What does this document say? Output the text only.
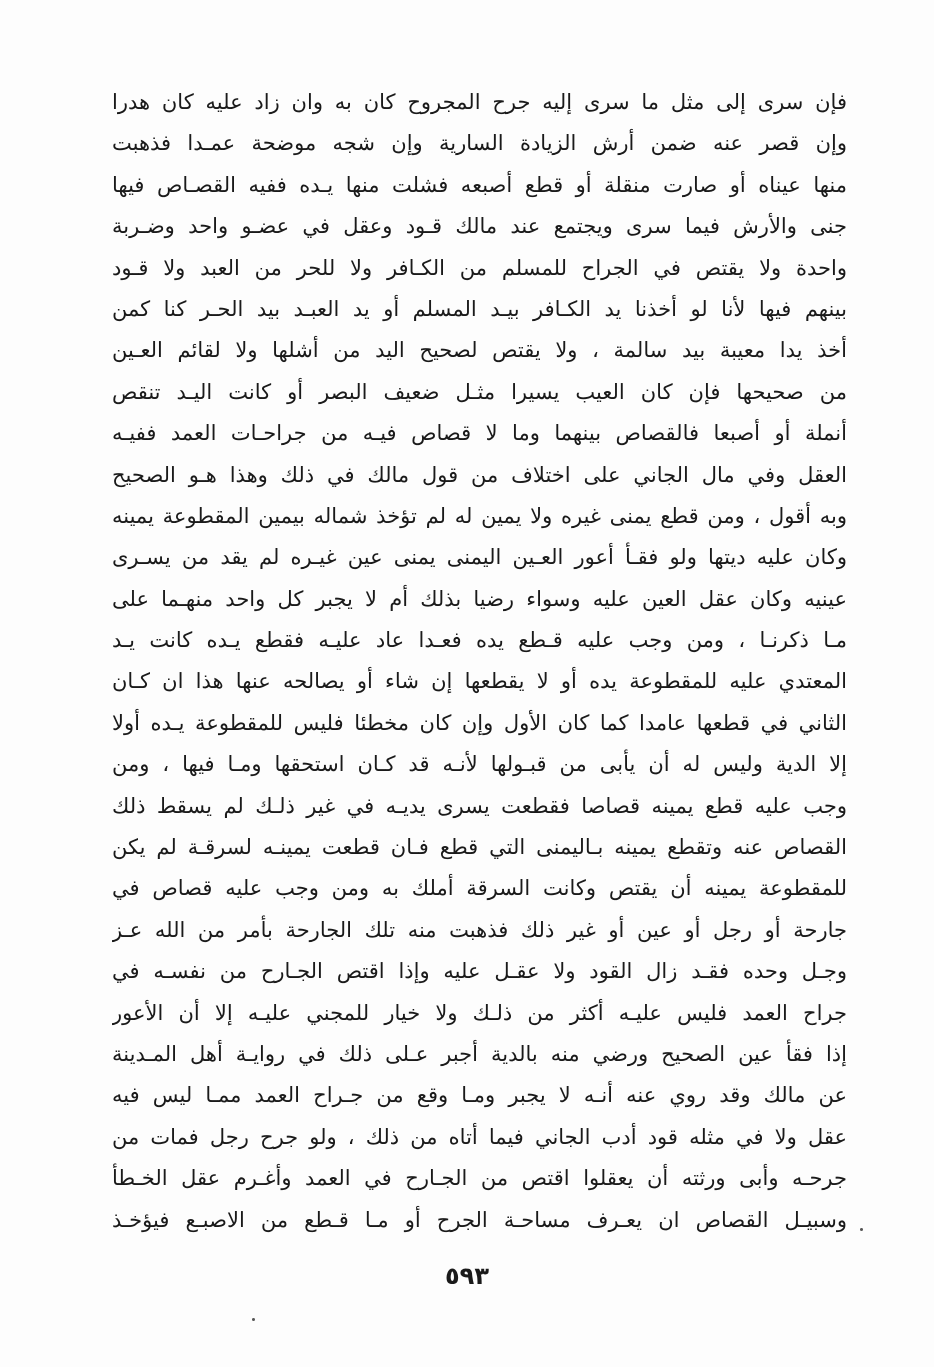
فإن سرى إلى مثل ما سرى إليه جرح المجروح كان به وان زاد عليه كان هدرا
وإن قصر عنه ضمن أرش الزيادة السارية وإن شجه موضحة عمـدا فذهبت
منها عيناه أو صارت منقلة أو قطع أصبعه فشلت منها يـده ففيه القصـاص فيها
جنى والأرش فيما سرى ويجتمع عند مالك قـود وعقل في عضـو واحد وضـربة
واحدة ولا يقتص في الجراح للمسلم من الكـافر ولا للحر من العبد ولا قـود
بينهم فيها لأنا لو أخذنا يد الكـافر بيـد المسلم أو يد العبـد بيد الحـر كنا كمن
أخذ يدا معيبة بيد سالمة ، ولا يقتص لصحيح اليد من أشلها ولا لقائم العـين
من صحيحها فإن كان العيب يسيرا مثـل ضعيف البصر أو كانت اليـد تنقص
أنملة أو أصبعا فالقصاص بينهما وما لا قصاص فيـه من جراحـات العمد ففيـه
العقل وفي مال الجاني على اختلاف من قول مالك في ذلك وهذا هـو الصحيح
وبه أقول ، ومن قطع يمنى غيره ولا يمين له لم تؤخذ شماله بيمين المقطوعة يمينه
وكان عليه ديتها ولو فقـأ أعور العـين اليمنى يمنى عين غيـره لم يقد من يسـرى
عينيه وكان عقل العين عليه وسواء رضيا بذلك أم لا يجبر كل واحد منهـما على
مـا ذكرنـا ، ومن وجب عليه قـطع يده فعـدا عاد عليـه فقطع يـده كانت يـد
المعتدي عليه للمقطوعة يده أو لا يقطعها إن شاء أو يصالحه عنها هذا ان كـان
الثاني في قطعها عامدا كما كان الأول وإن كان مخطئا فليس للمقطوعة يـده أولا
إلا الدية وليس له أن يأبى من قبـولها لأنـه قد كـان استحقها ومـا فيها ، ومن
وجب عليه قطع يمينه قصاصا فقطعت يسرى يديـه في غير ذلـك لم يسقط ذلك
القصاص عنه وتقطع يمينه بـاليمنى التي قطع فـان قطعت يمينـه لسرقـة لم يكن
للمقطوعة يمينه أن يقتص وكانت السرقة أملك به ومن وجب عليه قصاص في
جارحة أو رجل أو عين أو غير ذلك فذهبت منه تلك الجارحة بأمر من الله عـز
وجـل وحده فقـد زال القود ولا عقـل عليه وإذا اقتص الجـارح من نفسـه في
جراح العمد فليس عليـه أكثر من ذلـك ولا خيار للمجني عليـه إلا أن الأعور
إذا فقأ عين الصحيح ورضي منه بالدية أجبر عـلى ذلك في روايـة أهل المـدينة
عن مالك وقد روي عنه أنـه لا يجبر ومـا وقع من جـراح العمد ممـا ليس فيه
عقل ولا في مثله قود أدب الجاني فيما أتاه من ذلك ، ولو جرح رجل فمات من
جرحـه وأبى ورثته أن يعقلوا اقتص من الجـارح في العمد وأغـرم عقل الخـطأ
وسبيـل القصاص ان يعـرف مساحـة الجرح أو مـا قـطع من الاصبـع فيؤخـذ
٥٩٣
